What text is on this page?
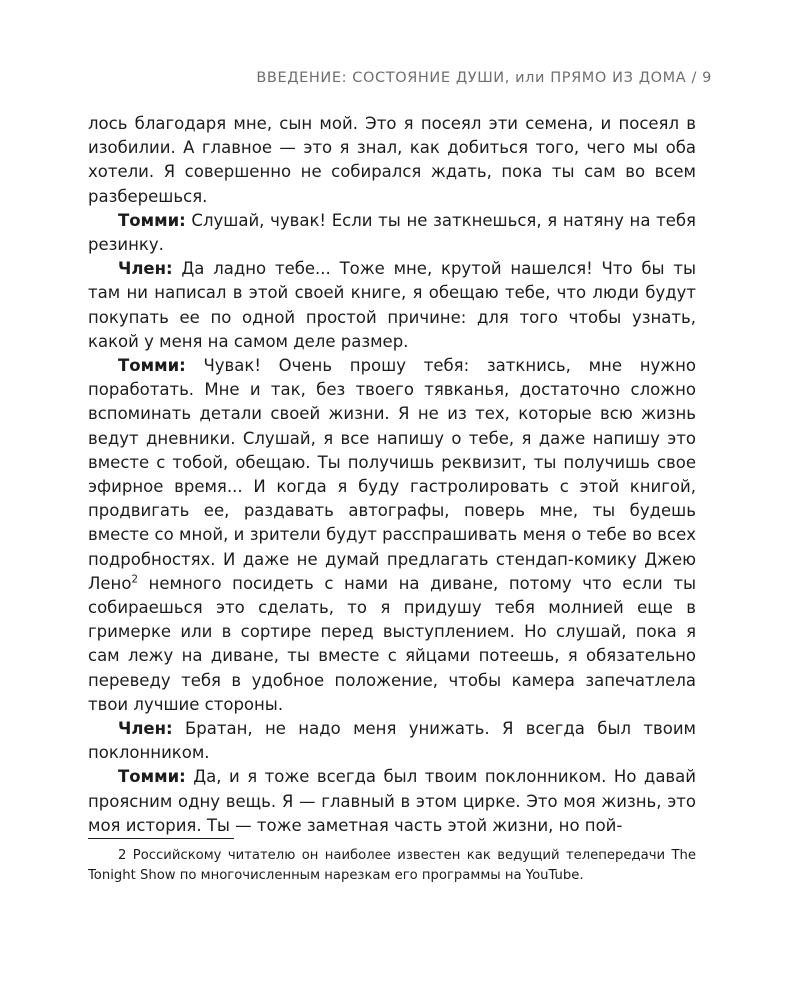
ВВЕДЕНИЕ: СОСТОЯНИЕ ДУШИ, или ПРЯМО ИЗ ДОМА / 9

лось благодаря мне, сын мой. Это я посеял эти семена, и посеял в изобилии. А главное — это я знал, как добиться того, чего мы оба хотели. Я совершенно не собирался ждать, пока ты сам во всем разберешься.

Томми: Слушай, чувак! Если ты не заткнешься, я натяну на тебя резинку.

Член: Да ладно тебе... Тоже мне, крутой нашелся! Что бы ты там ни написал в этой своей книге, я обещаю тебе, что люди будут покупать ее по одной простой причине: для того чтобы узнать, какой у меня на самом деле размер.

Томми: Чувак! Очень прошу тебя: заткнись, мне нужно поработать. Мне и так, без твоего тявканья, достаточно сложно вспоминать детали своей жизни. Я не из тех, которые всю жизнь ведут дневники. Слушай, я все напишу о тебе, я даже напишу это вместе с тобой, обещаю. Ты получишь реквизит, ты получишь свое эфирное время... И когда я буду гастролировать с этой книгой, продвигать ее, раздавать автографы, поверь мне, ты будешь вместе со мной, и зрители будут расспрашивать меня о тебе во всех подробностях. И даже не думай предлагать стендап-комику Джею Лено$^2$ немного посидеть с нами на диване, потому что если ты собираешься это сделать, то я придушу тебя молнией еще в гримерке или в сортире перед выступлением. Но слушай, пока я сам лежу на диване, ты вместе с яйцами потеешь, я обязательно переведу тебя в удобное положение, чтобы камера запечатлела твои лучшие стороны.

Член: Братан, не надо меня унижать. Я всегда был твоим поклонником.

Томми: Да, и я тоже всегда был твоим поклонником. Но давай проясним одну вещь. Я — главный в этом цирке. Это моя жизнь, это моя история. Ты — тоже заметная часть этой жизни, но пой-

2 Российскому читателю он наиболее известен как ведущий телепередачи The Tonight Show по многочисленным нарезкам его программы на YouTube.
